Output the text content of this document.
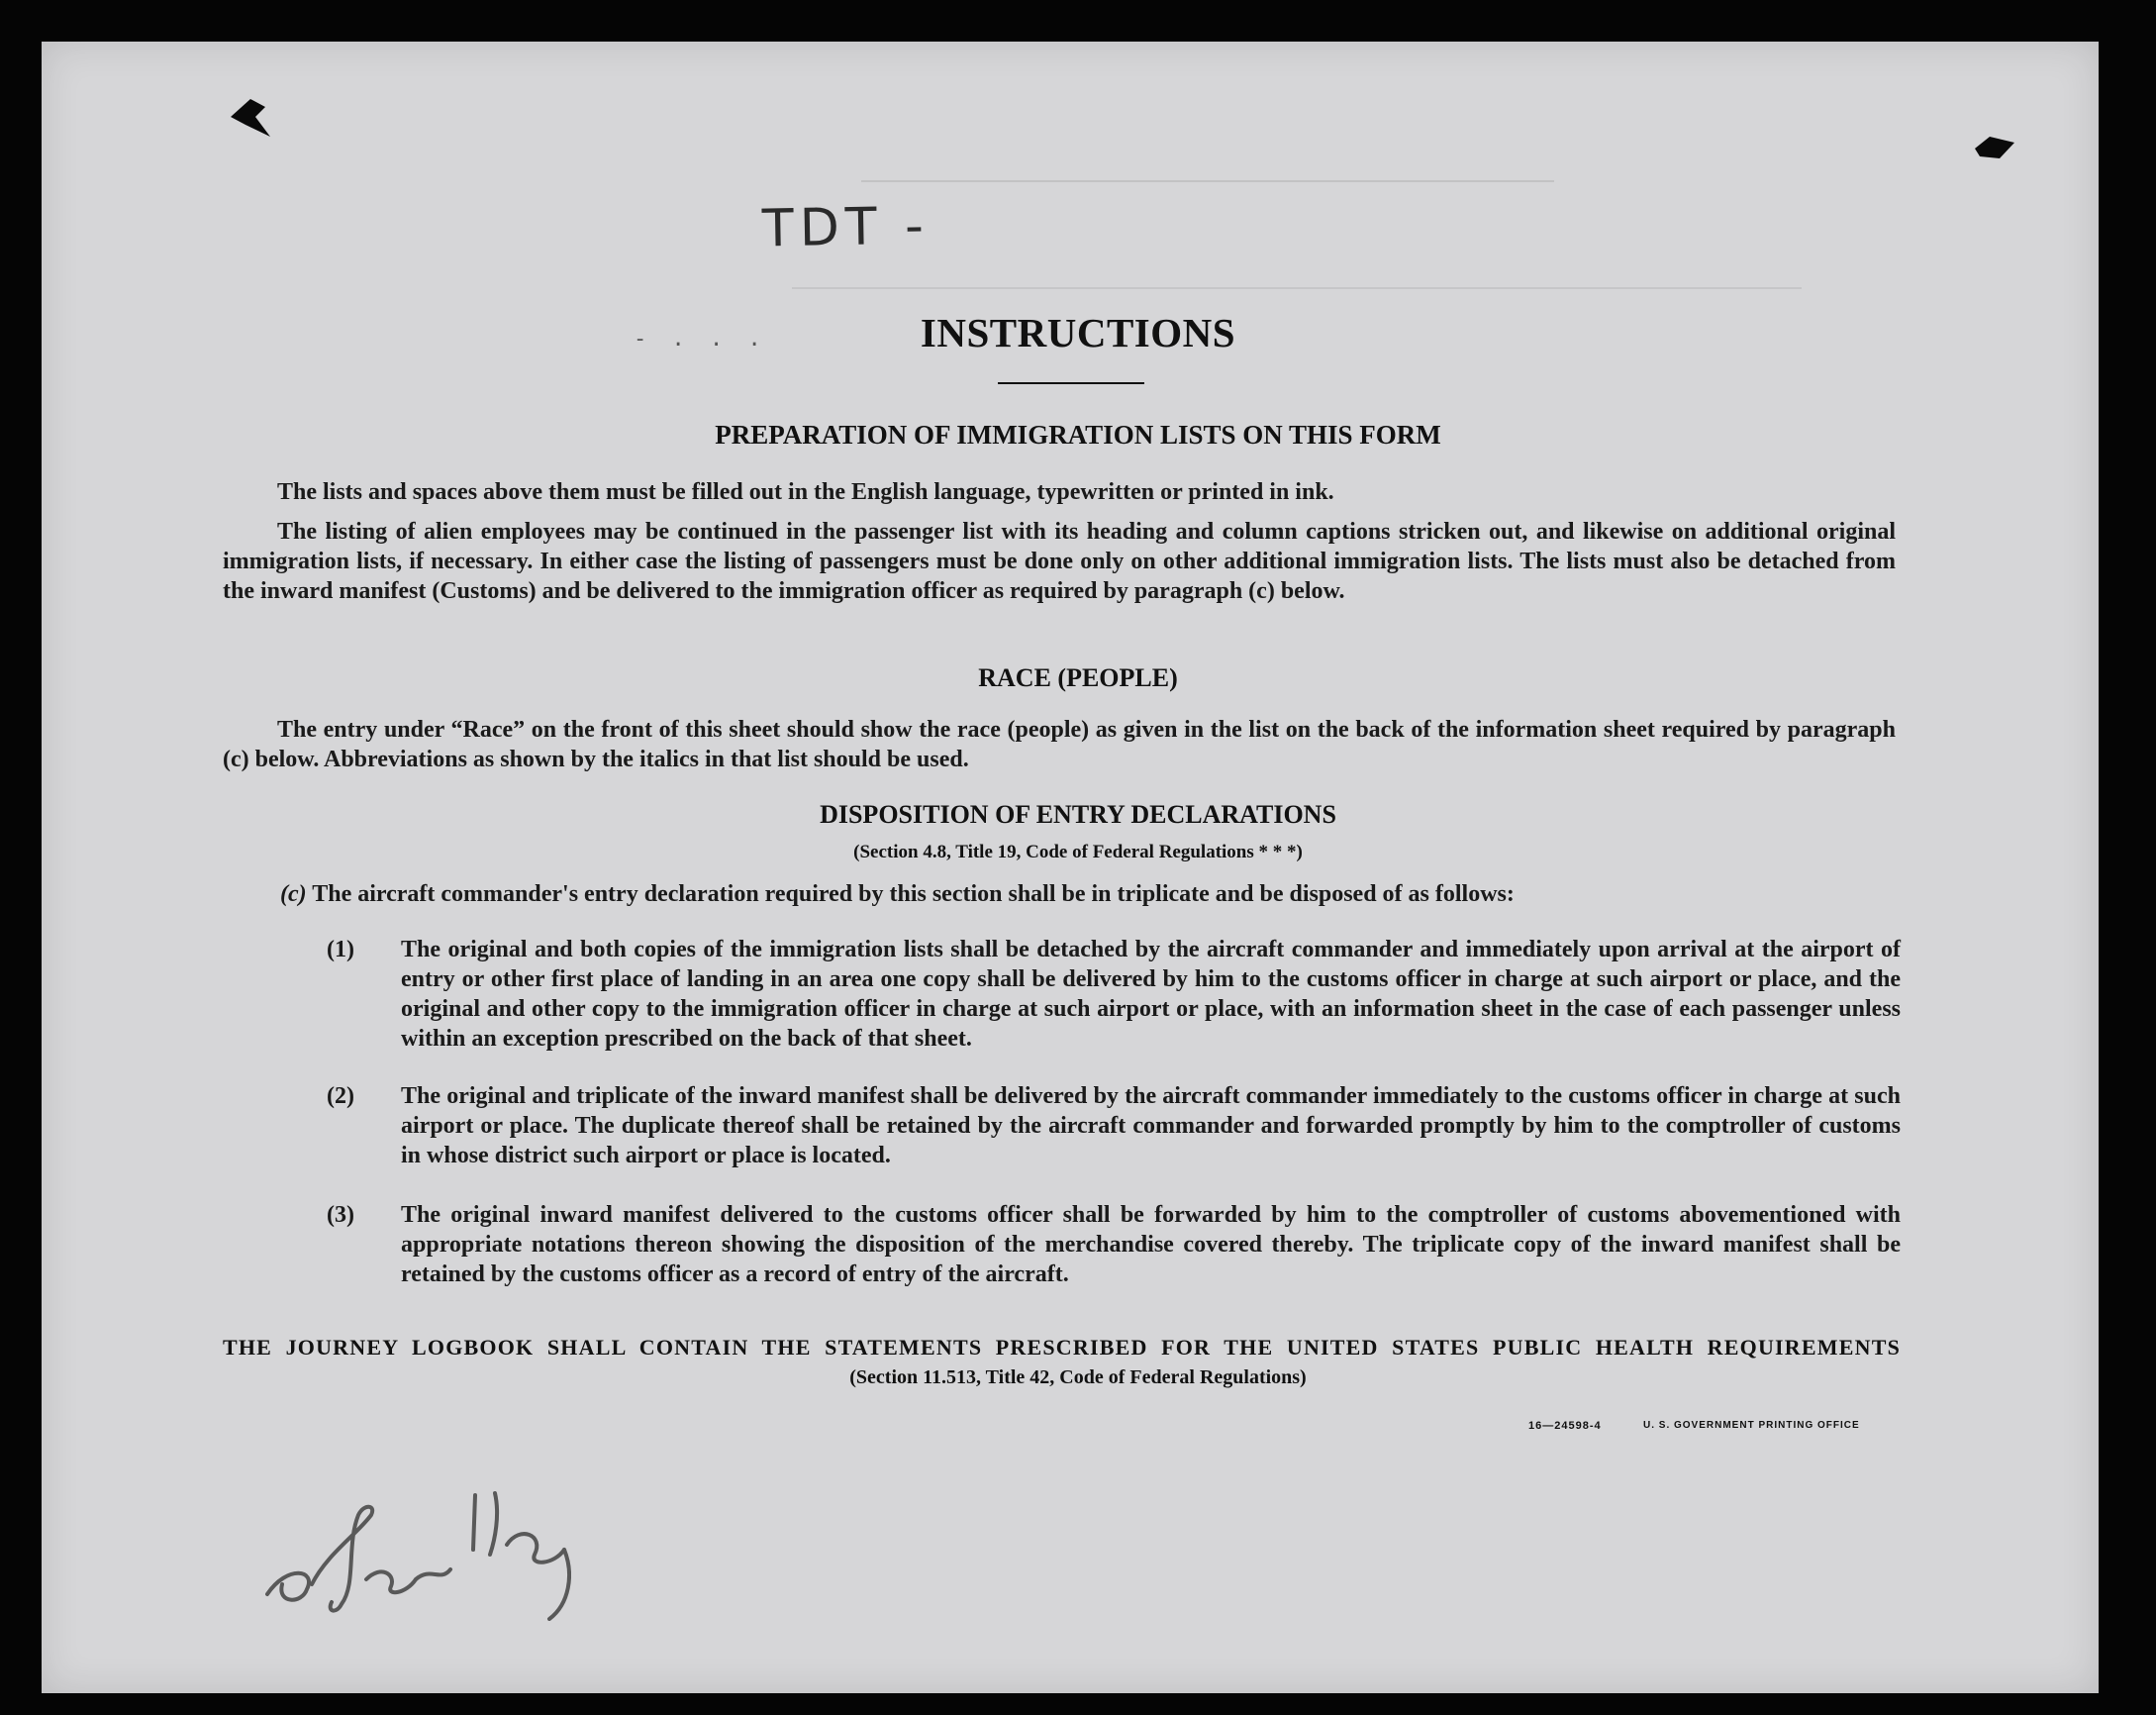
TDT -
- . . .	INSTRUCTIONS
PREPARATION OF IMMIGRATION LISTS ON THIS FORM

The lists and spaces above them must be filled out in the English language, typewritten or printed in ink.

The listing of alien employees may be continued in the passenger list with its heading and column captions stricken out, and likewise on additional original immigration lists, if necessary. In either case the listing of passengers must be done only on other additional immigration lists. The lists must also be detached from the inward manifest (Customs) and be delivered to the immigration officer as required by paragraph (c) below.

RACE (PEOPLE)

The entry under “Race” on the front of this sheet should show the race (people) as given in the list on the back of the information sheet required by paragraph (c) below. Abbreviations as shown by the italics in that list should be used.

DISPOSITION OF ENTRY DECLARATIONS

(Section 4.8, Title 19, Code of Federal Regulations * * *)

(c) The aircraft commander's entry declaration required by this section shall be in triplicate and be disposed of as follows:

(1) The original and both copies of the immigration lists shall be detached by the aircraft commander and immediately upon arrival at the airport of entry or other first place of landing in an area one copy shall be delivered by him to the customs officer in charge at such airport or place, and the original and other copy to the immigration officer in charge at such airport or place, with an information sheet in the case of each passenger unless within an exception prescribed on the back of that sheet.
(2) The original and triplicate of the inward manifest shall be delivered by the aircraft commander immediately to the customs officer in charge at such airport or place. The duplicate thereof shall be retained by the aircraft commander and forwarded promptly by him to the comptroller of customs in whose district such airport or place is located.
(3) The original inward manifest delivered to the customs officer shall be forwarded by him to the comptroller of customs abovementioned with appropriate notations thereon showing the disposition of the merchandise covered thereby. The triplicate copy of the inward manifest shall be retained by the customs officer as a record of entry of the aircraft.

THE JOURNEY LOGBOOK SHALL CONTAIN THE STATEMENTS PRESCRIBED FOR THE UNITED STATES PUBLIC HEALTH REQUIREMENTS

(Section 11.513, Title 42, Code of Federal Regulations)

16—24598-4	U. S. GOVERNMENT PRINTING OFFICE
